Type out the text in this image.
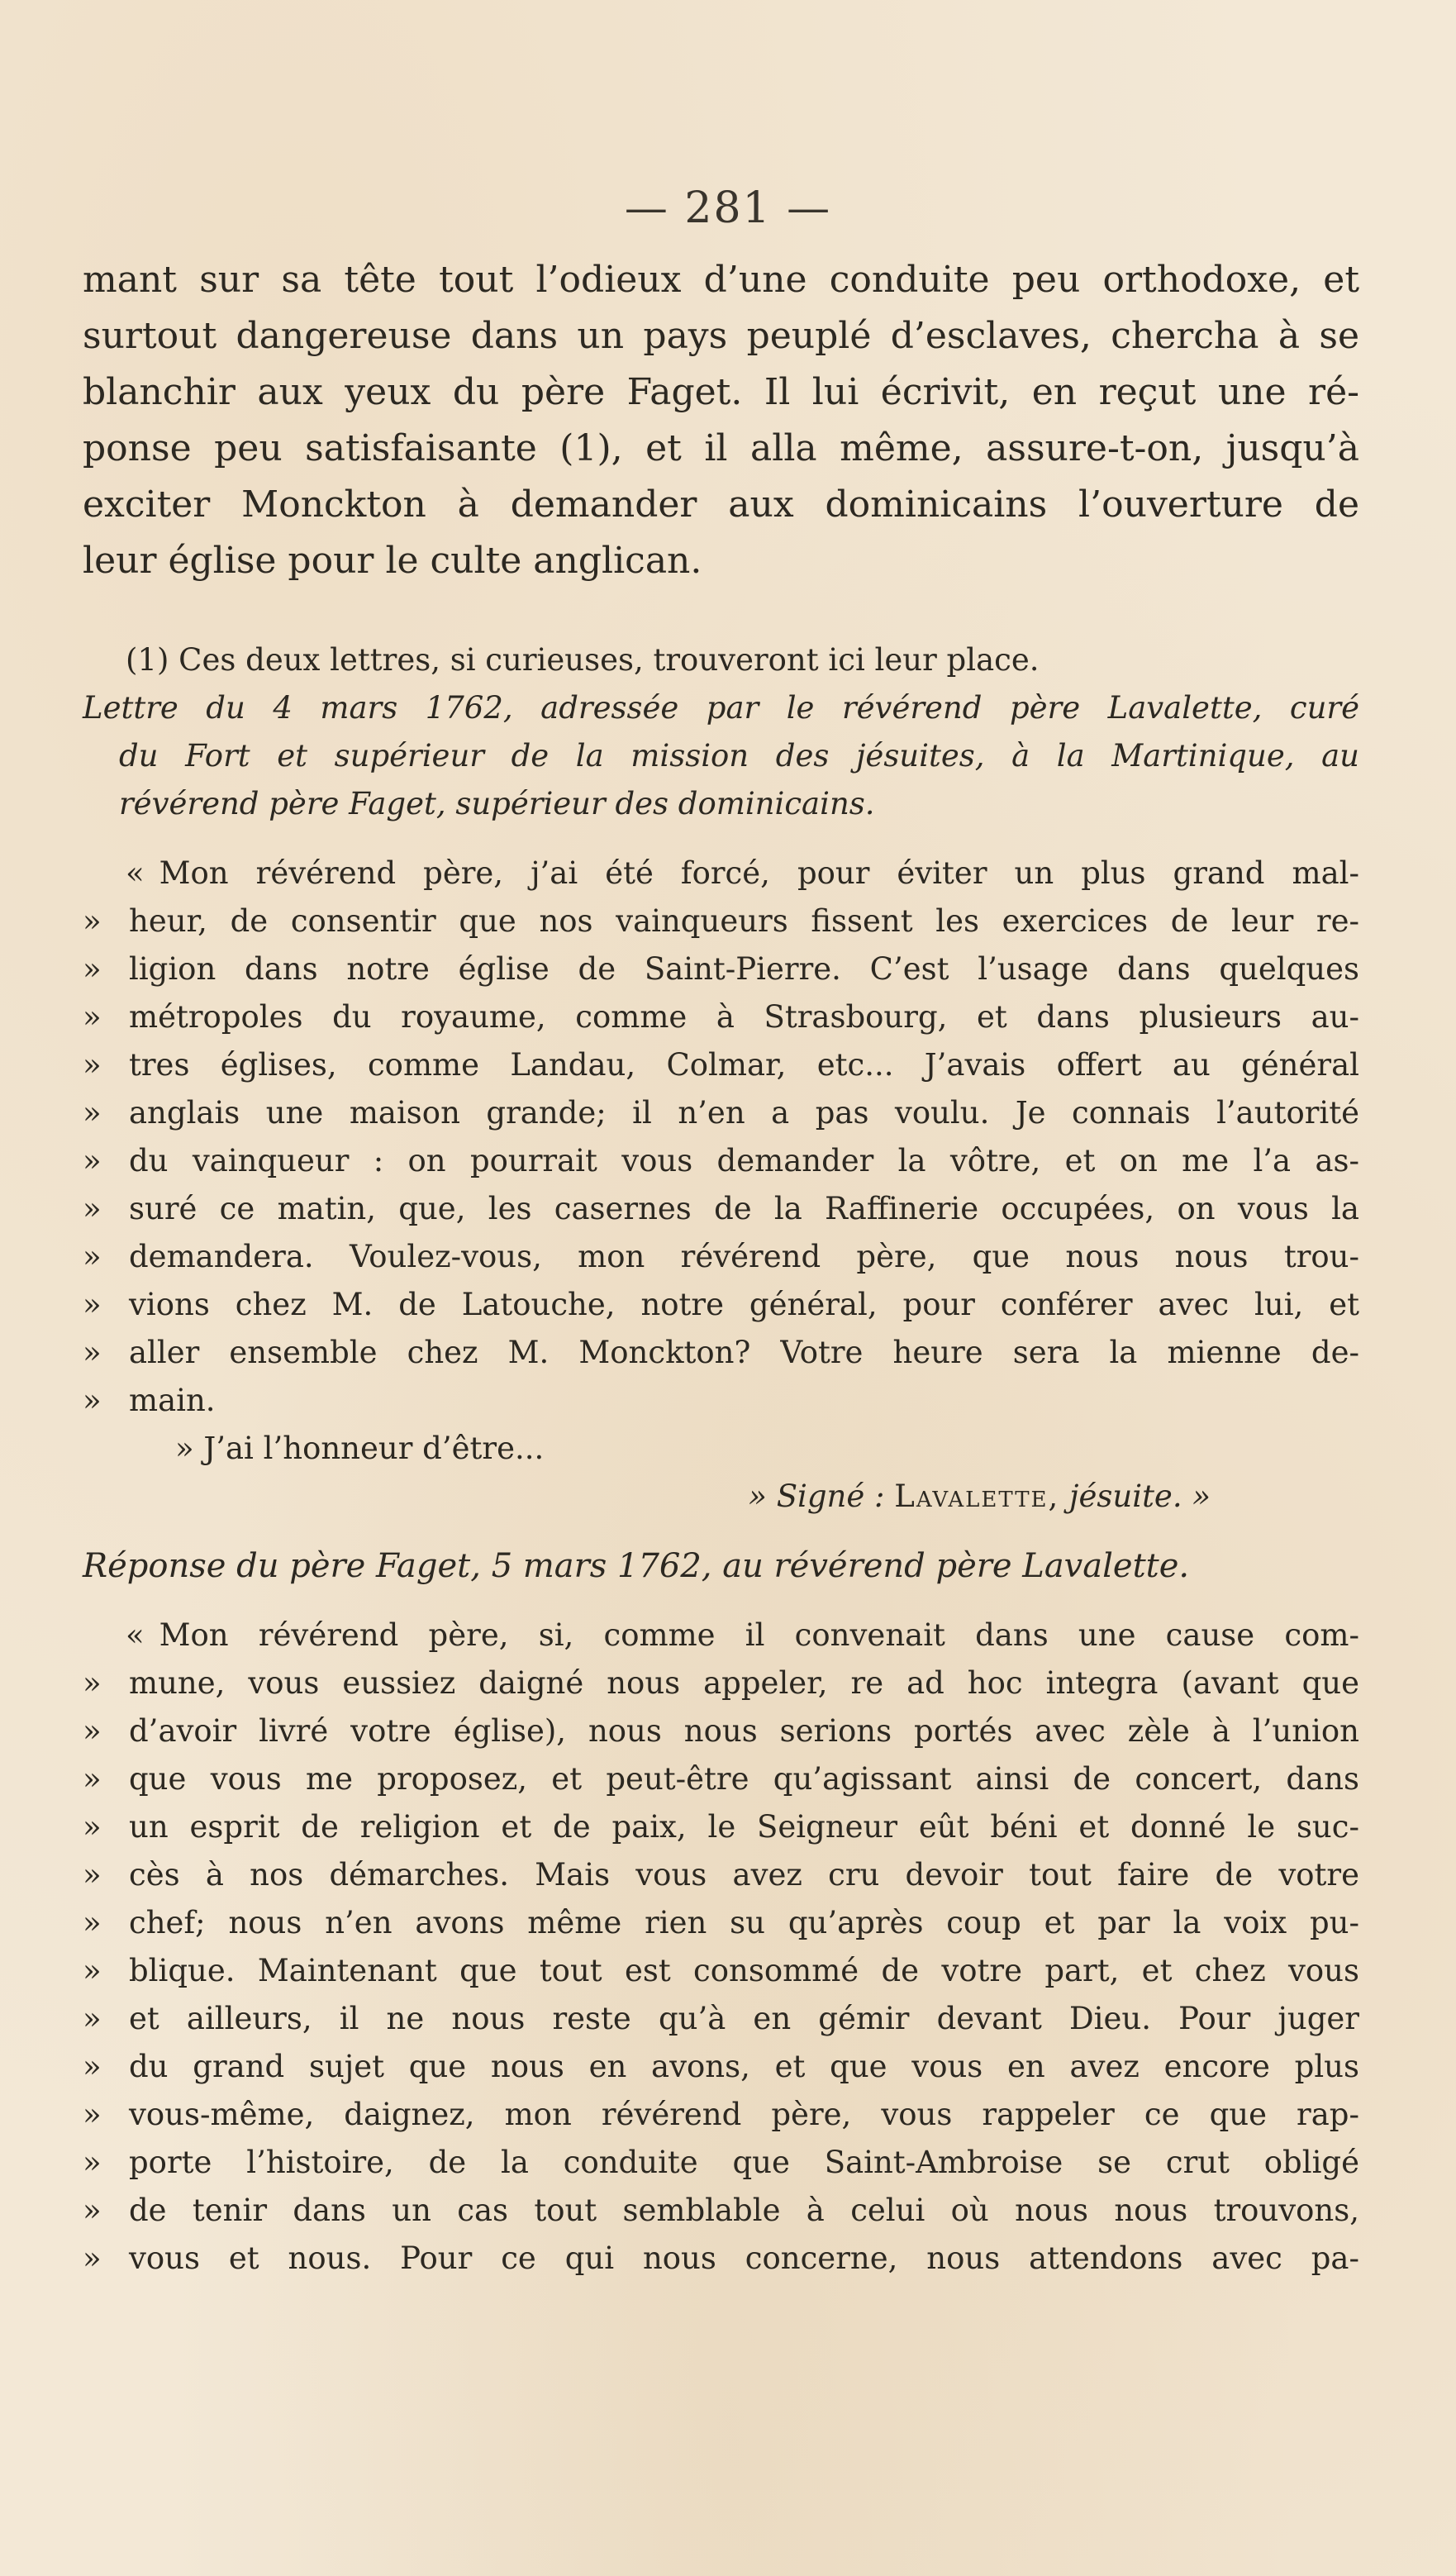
— 281 —
mant sur sa tête tout l’odieux d’une conduite peu orthodoxe, et
surtout dangereuse dans un pays peuplé d’esclaves, chercha à se
blanchir aux yeux du père Faget. Il lui écrivit, en reçut une ré-
ponse peu satisfaisante (1), et il alla même, assure-t-on, jusqu’à
exciter Monckton à demander aux dominicains l’ouverture de
leur église pour le culte anglican.
(1) Ces deux lettres, si curieuses, trouveront ici leur place.
Lettre du 4 mars 1762, adressée par le révérend père Lavalette, curé
du Fort et supérieur de la mission des jésuites, à la Martinique, au
révérend père Faget, supérieur des dominicains.
« Mon révérend père, j’ai été forcé, pour éviter un plus grand mal-
» heur, de consentir que nos vainqueurs fissent les exercices de leur re-
» ligion dans notre église de Saint-Pierre. C’est l’usage dans quelques
» métropoles du royaume, comme à Strasbourg, et dans plusieurs au-
» tres églises, comme Landau, Colmar, etc... J’avais offert au général
» anglais une maison grande; il n’en a pas voulu. Je connais l’autorité
» du vainqueur : on pourrait vous demander la vôtre, et on me l’a as-
» suré ce matin, que, les casernes de la Raffinerie occupées, on vous la
» demandera. Voulez-vous, mon révérend père, que nous nous trou-
» vions chez M. de Latouche, notre général, pour conférer avec lui, et
» aller ensemble chez M. Monckton? Votre heure sera la mienne de-
» main.
» J’ai l’honneur d’être...
» Signé : Lavalette, jésuite. »
Réponse du père Faget, 5 mars 1762, au révérend père Lavalette.
« Mon révérend père, si, comme il convenait dans une cause com-
» mune, vous eussiez daigné nous appeler, re ad hoc integra (avant que
» d’avoir livré votre église), nous nous serions portés avec zèle à l’union
» que vous me proposez, et peut-être qu’agissant ainsi de concert, dans
» un esprit de religion et de paix, le Seigneur eût béni et donné le suc-
» cès à nos démarches. Mais vous avez cru devoir tout faire de votre
» chef; nous n’en avons même rien su qu’après coup et par la voix pu-
» blique. Maintenant que tout est consommé de votre part, et chez vous
» et ailleurs, il ne nous reste qu’à en gémir devant Dieu. Pour juger
» du grand sujet que nous en avons, et que vous en avez encore plus
» vous-même, daignez, mon révérend père, vous rappeler ce que rap-
» porte l’histoire, de la conduite que Saint-Ambroise se crut obligé
» de tenir dans un cas tout semblable à celui où nous nous trouvons,
» vous et nous. Pour ce qui nous concerne, nous attendons avec pa-
